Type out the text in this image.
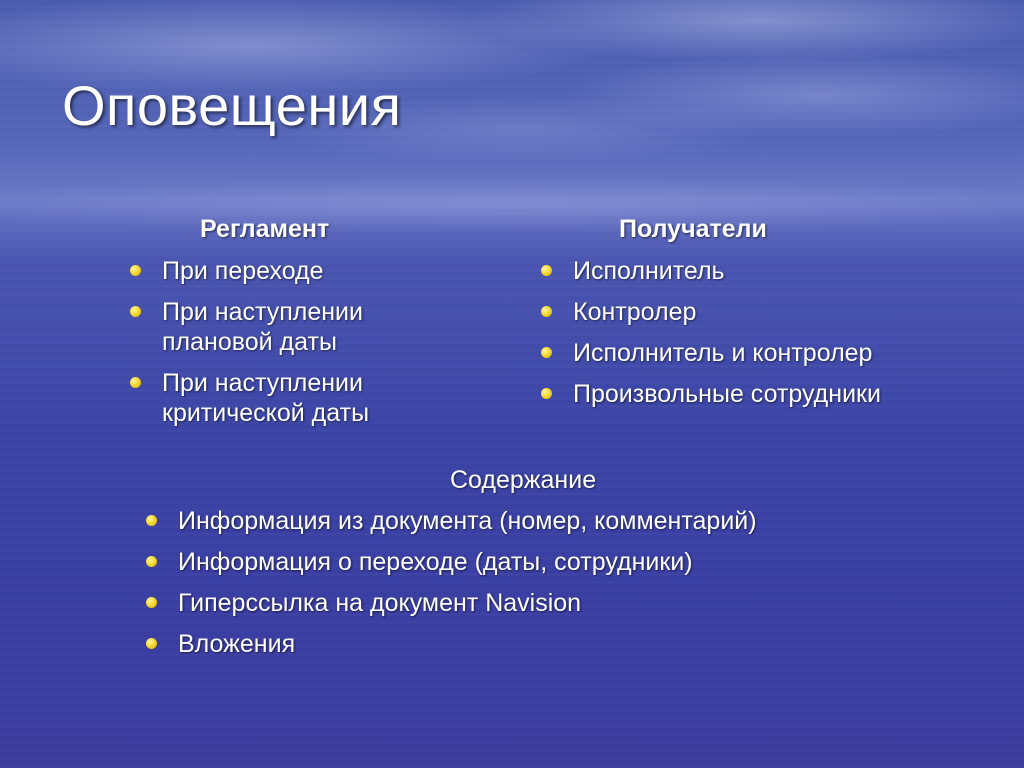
Оповещения
Регламент
При переходе
При наступлении плановой даты
При наступлении критической даты
Получатели
Исполнитель
Контролер
Исполнитель и контролер
Произвольные сотрудники
Содержание
Информация из документа (номер, комментарий)
Информация о переходе (даты, сотрудники)
Гиперссылка на документ Navision
Вложения
